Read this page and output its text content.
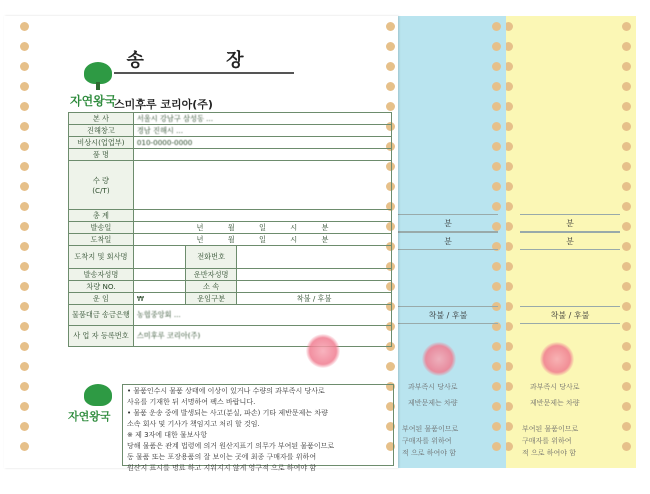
분
분
착불 / 후불
과부족시 당사로
제반문제는 차량
부여된 물품이므로
구매자를 위하여
적 으로 하여야 함
분
분
착불 / 후불
과부족시 당사로
제반문제는 차량
부여된 물품이므로
구매자를 위하여
적 으로 하여야 함
송 장
자연왕국
스미후루 코리아(주)
본 사	서울시 강남구 삼성동 ...		
진해창고	경남 진해시 ...		
비상시(업업부)	010-0000-0000		
품 명			

수 량
(C/T)			

총 계			
발송일	년 월 일 시 분		
도착일	년 월 일 시 분		
도착지 및 회사명		전화번호	
발송자성명		운반자성명	
차량 NO.		소 속	
운 임	₩	운임구분	착불 / 후불
물품대금 송금은행	농협중앙회 ...		
사 업 자 등록번호	스미후루 코리아(주)		
자연왕국

• 물품인수시 물품 상태에 이상이 있거나 수량의 과부족시 당사로

사유를 기재한 뒤 서명하여 팩스 바랍니다.

• 물품 운송 중에 발생되는 사고(분실, 파손) 기타 제반문제는 차량

소속 회사 및 기사가 책임지고 처리 할 것임.

※ 제 3자에 대한 물보사항

당해 물품은 관계 법령에 의거 원산지표기 의무가 부여된 물품이므로

동 물품 또는 포장용품의 잘 보이는 곳에 최종 구매자를 위하여

원산지 표시를 명료 하고 지워지지 않게 영구적 으로 하여야 함
